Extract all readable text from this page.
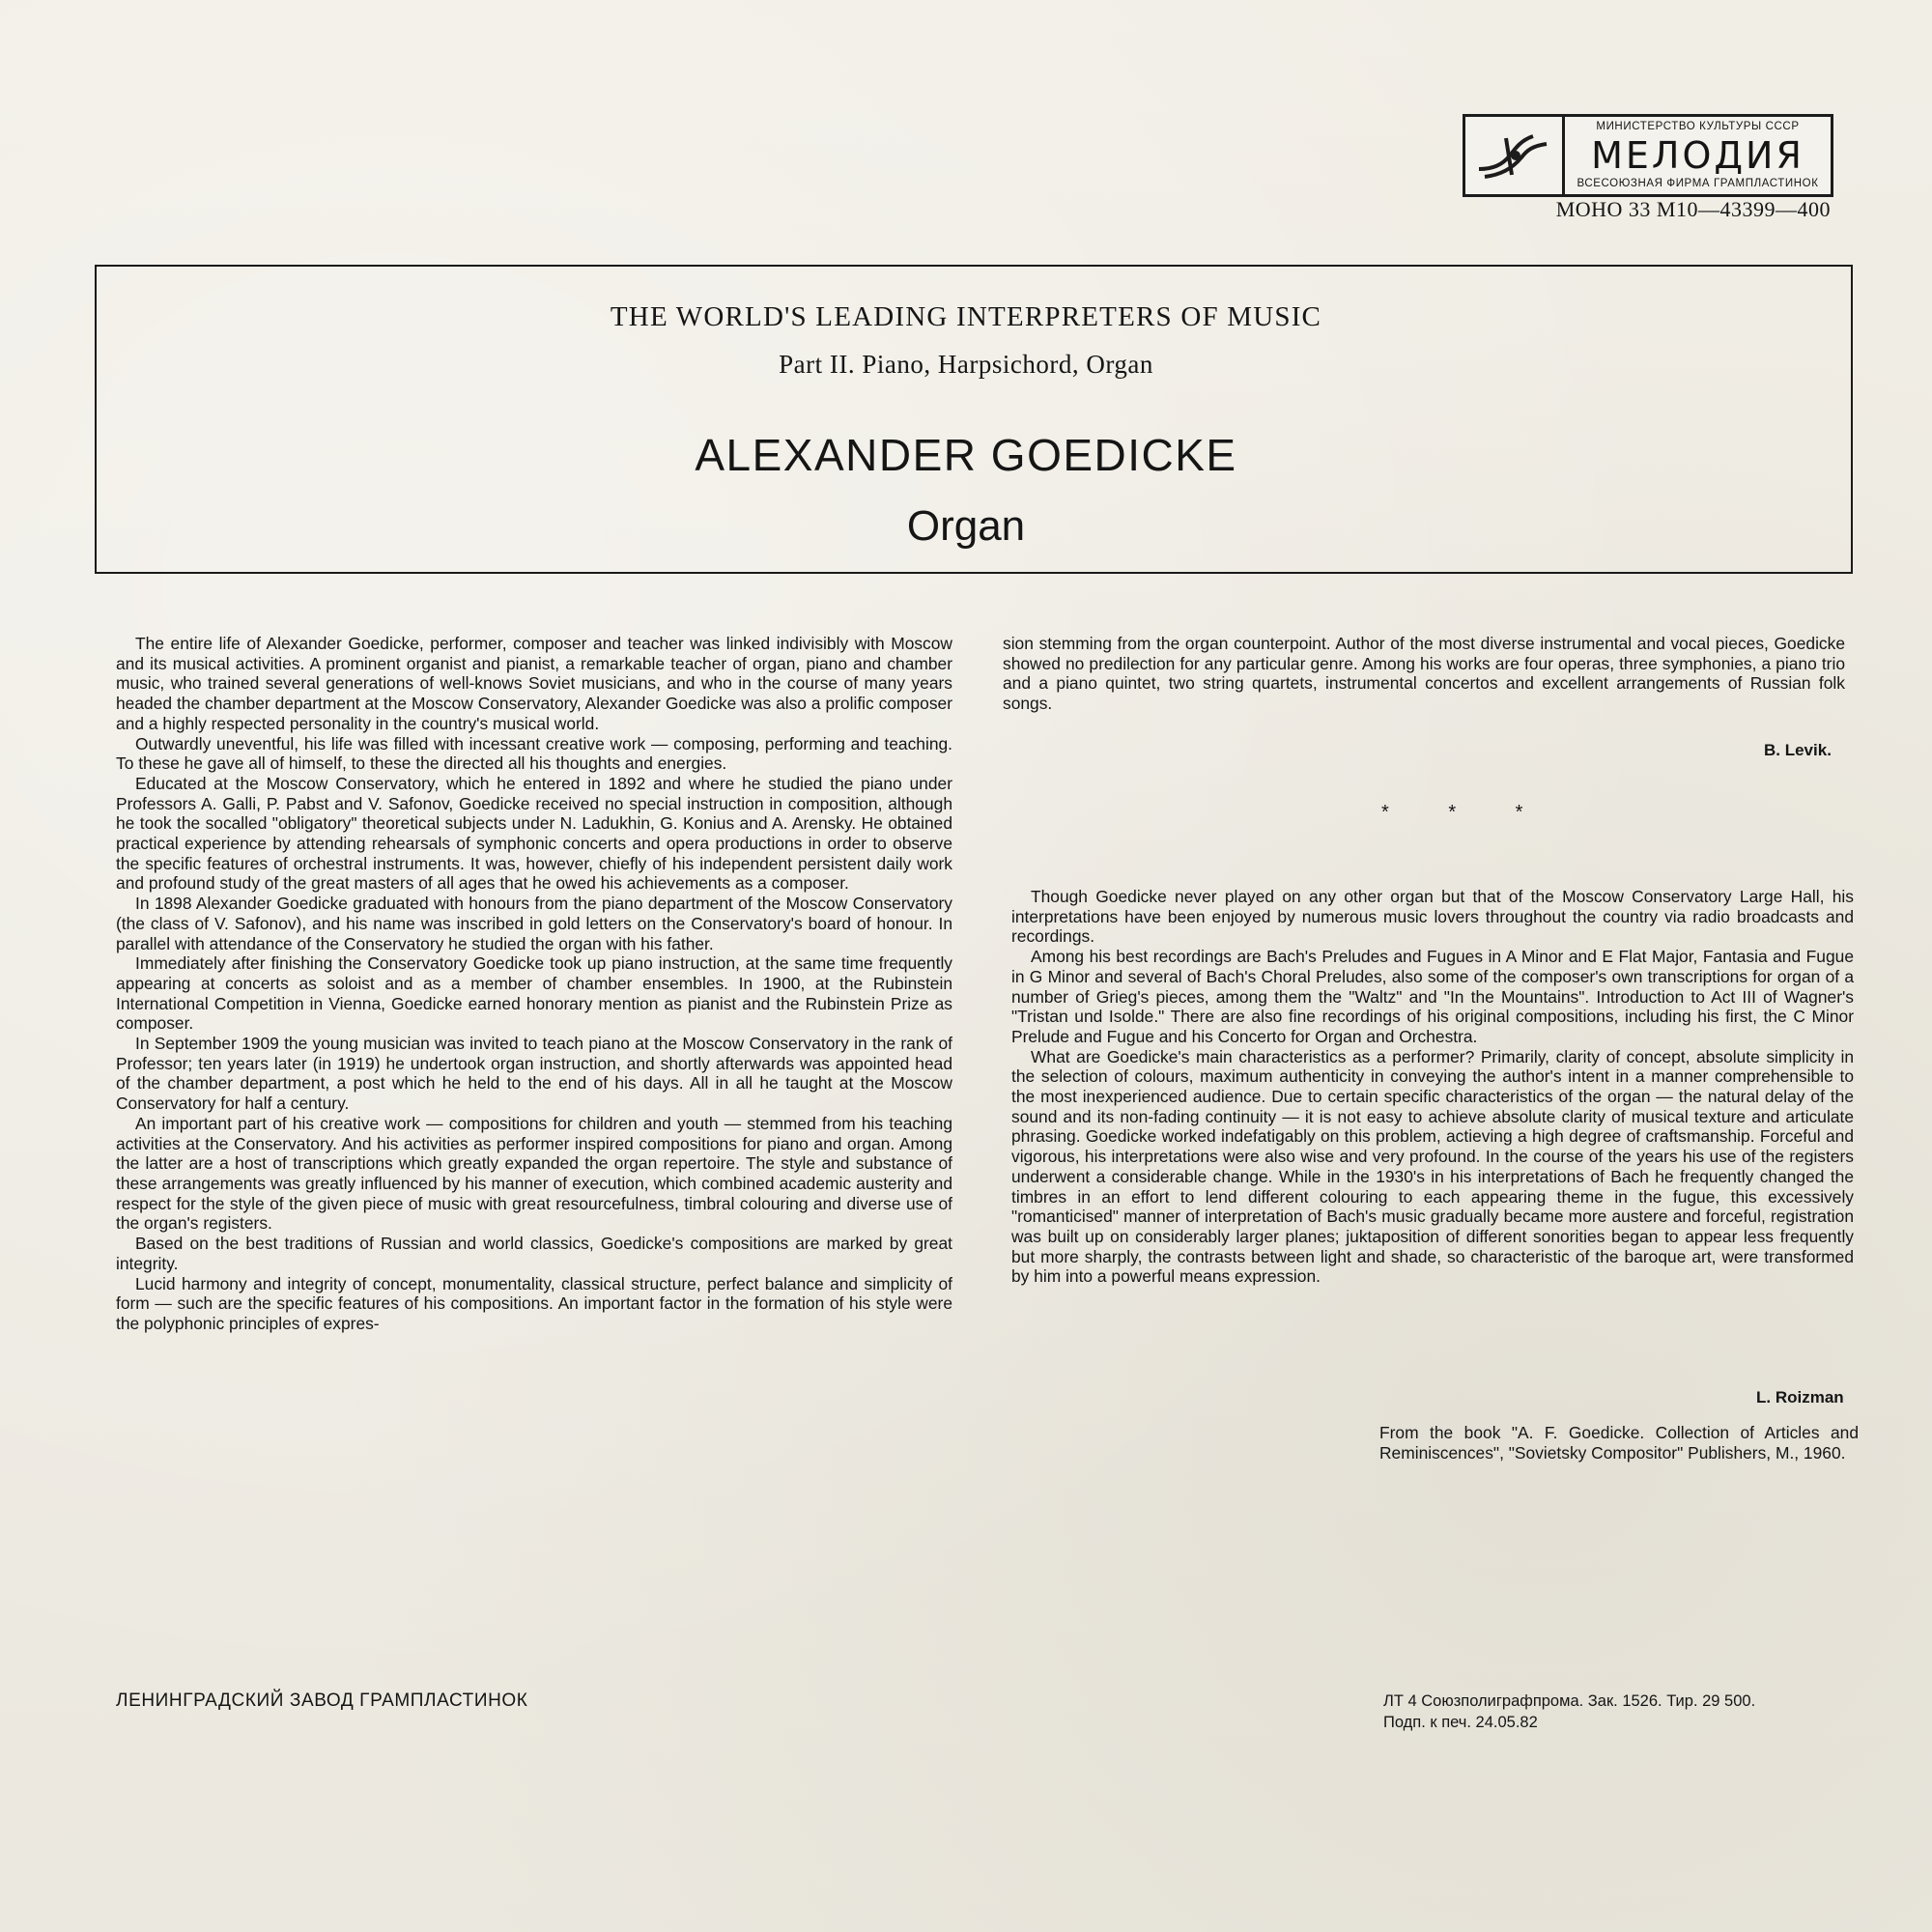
МИНИСТЕРСТВО КУЛЬТУРЫ СССР
МЕЛОДИЯ
ВСЕСОЮЗНАЯ ФИРМА ГРАМПЛАСТИНОК
МОНО 33 М10—43399—400
THE WORLD'S LEADING INTERPRETERS OF MUSIC
Part II. Piano, Harpsichord, Organ
ALEXANDER GOEDICKE
Organ

The entire life of Alexander Goedicke, performer, composer and teacher was linked indivisibly with Moscow and its musical activities. A prominent organist and pianist, a remarkable teacher of organ, piano and chamber music, who trained several generations of well-knows Soviet musicians, and who in the course of many years headed the chamber department at the Moscow Conservatory, Alexander Goedicke was also a prolific composer and a highly respected personality in the country's musical world.

Outwardly uneventful, his life was filled with incessant creative work — composing, performing and teaching. To these he gave all of himself, to these the directed all his thoughts and energies.

Educated at the Moscow Conservatory, which he entered in 1892 and where he studied the piano under Professors A. Galli, P. Pabst and V. Safonov, Goedicke received no special instruction in composition, although he took the socalled "obligatory" theoretical subjects under N. Ladukhin, G. Konius and A. Arensky. He obtained practical experience by attending rehearsals of symphonic concerts and opera productions in order to observe the specific features of orchestral instruments. It was, however, chiefly of his independent persistent daily work and profound study of the great masters of all ages that he owed his achievements as a composer.

In 1898 Alexander Goedicke graduated with honours from the piano department of the Moscow Conservatory (the class of V. Safonov), and his name was inscribed in gold letters on the Conservatory's board of honour. In parallel with attendance of the Conservatory he studied the organ with his father.

Immediately after finishing the Conservatory Goedicke took up piano instruction, at the same time frequently appearing at concerts as soloist and as a member of chamber ensembles. In 1900, at the Rubinstein International Competition in Vienna, Goedicke earned honorary mention as pianist and the Rubinstein Prize as composer.

In September 1909 the young musician was invited to teach piano at the Moscow Conservatory in the rank of Professor; ten years later (in 1919) he undertook organ instruction, and shortly afterwards was appointed head of the chamber department, a post which he held to the end of his days. All in all he taught at the Moscow Conservatory for half a century.

An important part of his creative work — compositions for children and youth — stemmed from his teaching activities at the Conservatory. And his activities as performer inspired compositions for piano and organ. Among the latter are a host of transcriptions which greatly expanded the organ repertoire. The style and substance of these arrangements was greatly influenced by his manner of execution, which combined academic austerity and respect for the style of the given piece of music with great resourcefulness, timbral colouring and diverse use of the organ's registers.

Based on the best traditions of Russian and world classics, Goedicke's compositions are marked by great integrity.

Lucid harmony and integrity of concept, monumentality, classical structure, perfect balance and simplicity of form — such are the specific features of his compositions. An important factor in the formation of his style were the polyphonic principles of expres-

sion stemming from the organ counterpoint. Author of the most diverse instrumental and vocal pieces, Goedicke showed no predilection for any particular genre. Among his works are four operas, three symphonies, a piano trio and a piano quintet, two string quartets, instrumental concertos and excellent arrangements of Russian folk songs.

B. Levik.
* * *

Though Goedicke never played on any other organ but that of the Moscow Conservatory Large Hall, his interpretations have been enjoyed by numerous music lovers throughout the country via radio broadcasts and recordings.

Among his best recordings are Bach's Preludes and Fugues in A Minor and E Flat Major, Fantasia and Fugue in G Minor and several of Bach's Choral Preludes, also some of the composer's own transcriptions for organ of a number of Grieg's pieces, among them the "Waltz" and "In the Mountains". Introduction to Act III of Wagner's "Tristan und Isolde." There are also fine recordings of his original compositions, including his first, the C Minor Prelude and Fugue and his Concerto for Organ and Orchestra.

What are Goedicke's main characteristics as a performer? Primarily, clarity of concept, absolute simplicity in the selection of colours, maximum authenticity in conveying the author's intent in a manner comprehensible to the most inexperienced audience. Due to certain specific characteristics of the organ — the natural delay of the sound and its non-fading continuity — it is not easy to achieve absolute clarity of musical texture and articulate phrasing. Goedicke worked indefatigably on this problem, actieving a high degree of craftsmanship. Forceful and vigorous, his interpretations were also wise and very profound. In the course of the years his use of the registers underwent a considerable change. While in the 1930's in his interpretations of Bach he frequently changed the timbres in an effort to lend different colouring to each appearing theme in the fugue, this excessively "romanticised" manner of interpretation of Bach's music gradually became more austere and forceful, registration was built up on considerably larger planes; juktaposition of different sonorities began to appear less frequently but more sharply, the contrasts between light and shade, so characteristic of the baroque art, were transformed by him into a powerful means expression.

L. Roizman
From the book "A. F. Goedicke. Collection of Articles and Reminiscences", "Sovietsky Compositor" Publishers, M., 1960.
ЛЕНИНГРАДСКИЙ ЗАВОД ГРАМПЛАСТИНОК	ЛТ 4 Союзполиграфпрома. Зак. 1526. Тир. 29 500.
Подп. к печ. 24.05.82
